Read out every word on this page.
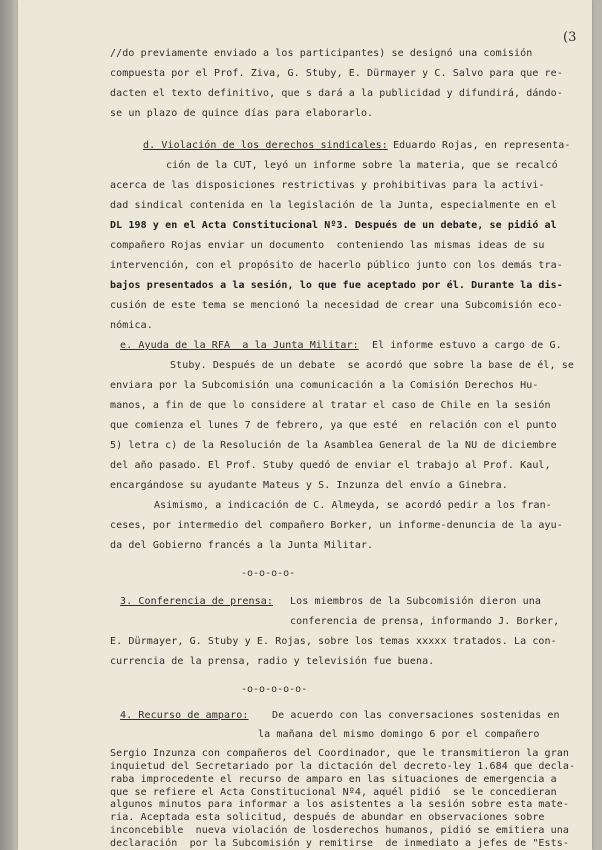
(3
//do previamente enviado a los participantes) se designó una comisión
compuesta por el Prof. Ziva, G. Stuby, E. Dürmayer y C. Salvo para que re-
dacten el texto definitivo, que s dará a la publicidad y difundirá, dándo-
se un plazo de quince días para elaborarlo.
d. Violación de los derechos sindicales: Eduardo Rojas, en representa-
ción de la CUT, leyó un informe sobre la materia, que se recalcó
acerca de las disposiciones restrictivas y prohibitivas para la activi-
dad sindical contenida en la legislación de la Junta, especialmente en el
DL 198 y en el Acta Constitucional Nº3. Después de un debate, se pidió al
compañero Rojas enviar un documento  conteniendo las mismas ideas de su
intervención, con el propósito de hacerlo público junto con los demás tra-
bajos presentados a la sesión, lo que fue aceptado por él. Durante la dis-
cusión de este tema se mencionó la necesidad de crear una Subcomisión eco-
nómica.
e. Ayuda de la RFA  a la Junta Militar: El informe estuvo a cargo de G.
Stuby. Después de un debate  se acordó que sobre la base de él, se
enviara por la Subcomisión una comunicación a la Comisión Derechos Hu-
manos, a fin de que lo considere al tratar el caso de Chile en la sesión
que comienza el lunes 7 de febrero, ya que esté  en relación con el punto
5) letra c) de la Resolución de la Asamblea General de la NU de diciembre
del año pasado. El Prof. Stuby quedó de enviar el trabajo al Prof. Kaul,
encargándose su ayudante Mateus y S. Inzunza del envío a Ginebra.
Asimismo, a indicación de C. Almeyda, se acordó pedir a los fran-
ceses, por intermedio del compañero Borker, un informe-denuncia de la ayu-
da del Gobierno francés a la Junta Militar.
-o-o-o-o-
3. Conferencia de prensa: Los miembros de la Subcomisión dieron una
conferencia de prensa, informando J. Borker,
E. Dürmayer, G. Stuby y E. Rojas, sobre los temas xxxxx tratados. La con-
currencia de la prensa, radio y televisión fue buena.
-o-o-o-o-o-
4. Recurso de amparo: De acuerdo con las conversaciones sostenidas en
la mañana del mismo domingo 6 por el compañero
Sergio Inzunza con compañeros del Coordinador, que le transmitieron la gran
inquietud del Secretariado por la dictación del decreto-ley 1.684 que decla-
raba improcedente el recurso de amparo en las situaciones de emergencia a
que se refiere el Acta Constitucional Nº4, aquél pidió  se le concedieran
algunos minutos para informar a los asistentes a la sesión sobre esta mate-
ria. Aceptada esta solicitud, después de abundar en observaciones sobre
inconcebible  nueva violación de losderechos humanos, pidió se emitiera una
declaración  por la Subcomisión y remitirse  de inmediato a jefes de "Ests-
